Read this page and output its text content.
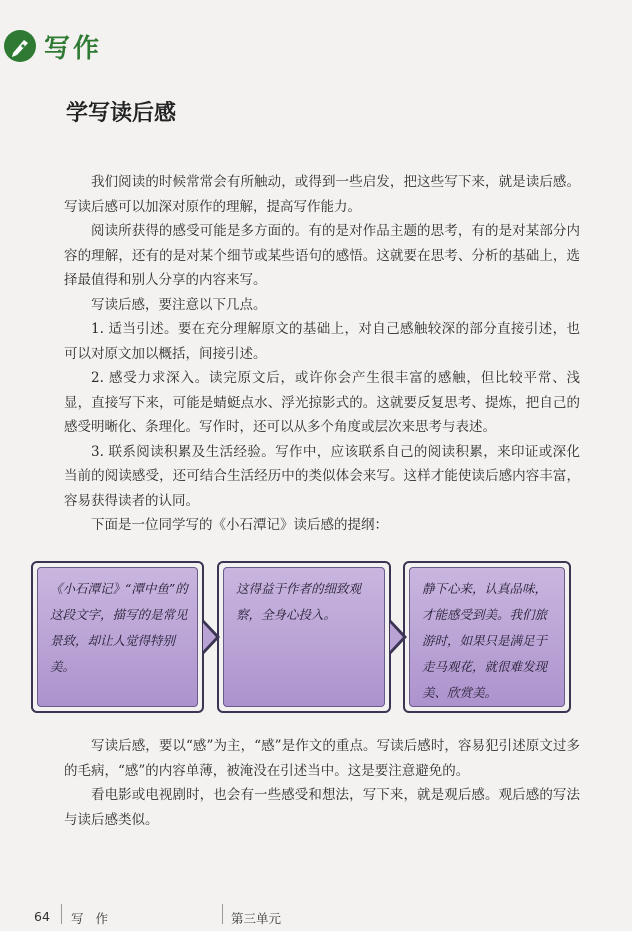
写作
学写读后感

我们阅读的时候常常会有所触动，或得到一些启发，把这些写下来，就是读后感。写读后感可以加深对原作的理解，提高写作能力。

阅读所获得的感受可能是多方面的。有的是对作品主题的思考，有的是对某部分内容的理解，还有的是对某个细节或某些语句的感悟。这就要在思考、分析的基础上，选择最值得和别人分享的内容来写。

写读后感，要注意以下几点。

1. 适当引述。要在充分理解原文的基础上，对自己感触较深的部分直接引述，也可以对原文加以概括，间接引述。

2. 感受力求深入。读完原文后，或许你会产生很丰富的感触，但比较平常、浅显，直接写下来，可能是蜻蜓点水、浮光掠影式的。这就要反复思考、提炼，把自己的感受明晰化、条理化。写作时，还可以从多个角度或层次来思考与表述。

3. 联系阅读积累及生活经验。写作中，应该联系自己的阅读积累，来印证或深化当前的阅读感受，还可结合生活经历中的类似体会来写。这样才能使读后感内容丰富，容易获得读者的认同。

下面是一位同学写的《小石潭记》读后感的提纲：

《小石潭记》“潭中鱼”的这段文字，描写的是常见景致，却让人觉得特别美。
这得益于作者的细致观察，全身心投入。
静下心来，认真品味，才能感受到美。我们旅游时，如果只是满足于走马观花，就很难发现美、欣赏美。

写读后感，要以“感”为主，“感”是作文的重点。写读后感时，容易犯引述原文过多的毛病，“感”的内容单薄，被淹没在引述当中。这是要注意避免的。

看电影或电视剧时，也会有一些感受和想法，写下来，就是观后感。观后感的写法与读后感类似。

64 写 作	第三单元
